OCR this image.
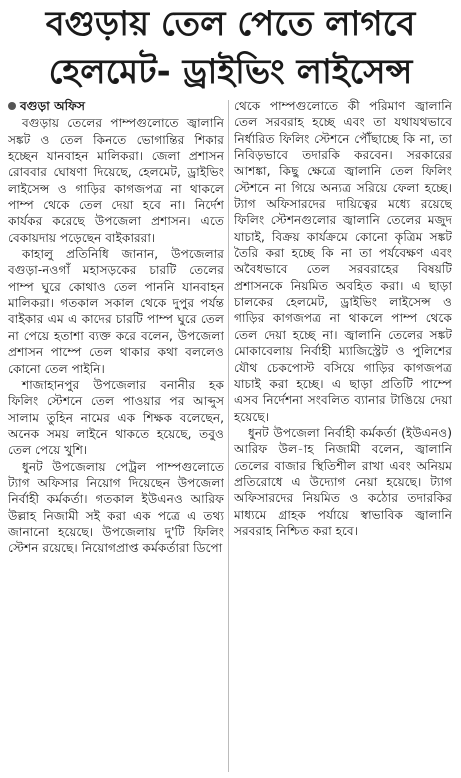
বগুড়ায় তেল পেতে লাগবে
হেলমেট- ড্রাইভিং লাইসেন্স
বগুড়া অফিস

বগুড়ায় তেলের পাম্পগুলোতে জ্বালানি সঙ্কট ও তেল কিনতে ভোগান্তির শিকার হচ্ছেন যানবাহন মালিকরা। জেলা প্রশাসন রোববার ঘোষণা দিয়েছে, হেলমেট, ড্রাইভিং লাইসেন্স ও গাড়ির কাগজপত্র না থাকলে পাম্প থেকে তেল দেয়া হবে না। নির্দেশ কার্যকর করেছে উপজেলা প্রশাসন। এতে বেকায়দায় পড়েছেন বাইকাররা।

কাহালু প্রতিনিধি জানান, উপজেলার বগুড়া-নওগাঁ মহাসড়কের চারটি তেলের পাম্প ঘুরে কোথাও তেল পাননি যানবাহন মালিকরা। গতকাল সকাল থেকে দুপুর পর্যন্ত বাইকার এম এ কাদের চারটি পাম্প ঘুরে তেল না পেয়ে হতাশা ব্যক্ত করে বলেন, উপজেলা প্রশাসন পাম্পে তেল থাকার কথা বললেও কোনো তেল পাইনি।

শাজাহানপুর উপজেলার বনানীর হক ফিলিং স্টেশনে তেল পাওয়ার পর আব্দুস সালাম তুহিন নামের এক শিক্ষক বলেছেন, অনেক সময় লাইনে থাকতে হয়েছে, তবুও তেল পেয়ে খুশি।

ধুনট উপজেলায় পেট্রল পাম্পগুলোতে ট্যাগ অফিসার নিয়োগ দিয়েছেন উপজেলা নির্বাহী কর্মকর্তা। গতকাল ইউএনও আরিফ উল্লাহ নিজামী সই করা এক পত্রে এ তথ্য জানানো হয়েছে। উপজেলায় দু'টি ফিলিং স্টেশন রয়েছে। নিয়োগপ্রাপ্ত কর্মকর্তারা ডিপো

থেকে পাম্পগুলোতে কী পরিমাণ জ্বালানি তেল সরবরাহ হচ্ছে এবং তা যথাযথভাবে নির্ধারিত ফিলিং স্টেশনে পৌঁছাচ্ছে কি না, তা নিবিড়ভাবে তদারকি করবেন। সরকারের আশঙ্কা, কিছু ক্ষেত্রে জ্বালানি তেল ফিলিং স্টেশনে না গিয়ে অন্যত্র সরিয়ে ফেলা হচ্ছে। ট্যাগ অফিসারদের দায়িত্বের মধ্যে রয়েছে ফিলিং স্টেশনগুলোর জ্বালানি তেলের মজুদ যাচাই, বিক্রয় কার্যক্রমে কোনো কৃত্রিম সঙ্কট তৈরি করা হচ্ছে কি না তা পর্যবেক্ষণ এবং অবৈধভাবে তেল সরবরাহের বিষয়টি প্রশাসনকে নিয়মিত অবহিত করা। এ ছাড়া চালকের হেলমেট, ড্রাইভিং লাইসেন্স ও গাড়ির কাগজপত্র না থাকলে পাম্প থেকে তেল দেয়া হচ্ছে না। জ্বালানি তেলের সঙ্কট মোকাবেলায় নির্বাহী ম্যাজিস্ট্রেট ও পুলিশের যৌথ চেকপোস্ট বসিয়ে গাড়ির কাগজপত্র যাচাই করা হচ্ছে। এ ছাড়া প্রতিটি পাম্পে এসব নির্দেশনা সংবলিত ব্যানার টাঙিয়ে দেয়া হয়েছে।

ধুনট উপজেলা নির্বাহী কর্মকর্তা (ইউএনও) আরিফ উল-াহ নিজামী বলেন, জ্বালানি তেলের বাজার স্থিতিশীল রাখা এবং অনিয়ম প্রতিরোধে এ উদ্যোগ নেয়া হয়েছে। ট্যাগ অফিসারদের নিয়মিত ও কঠোর তদারকির মাধ্যমে গ্রাহক পর্যায়ে স্বাভাবিক জ্বালানি সরবরাহ নিশ্চিত করা হবে।
